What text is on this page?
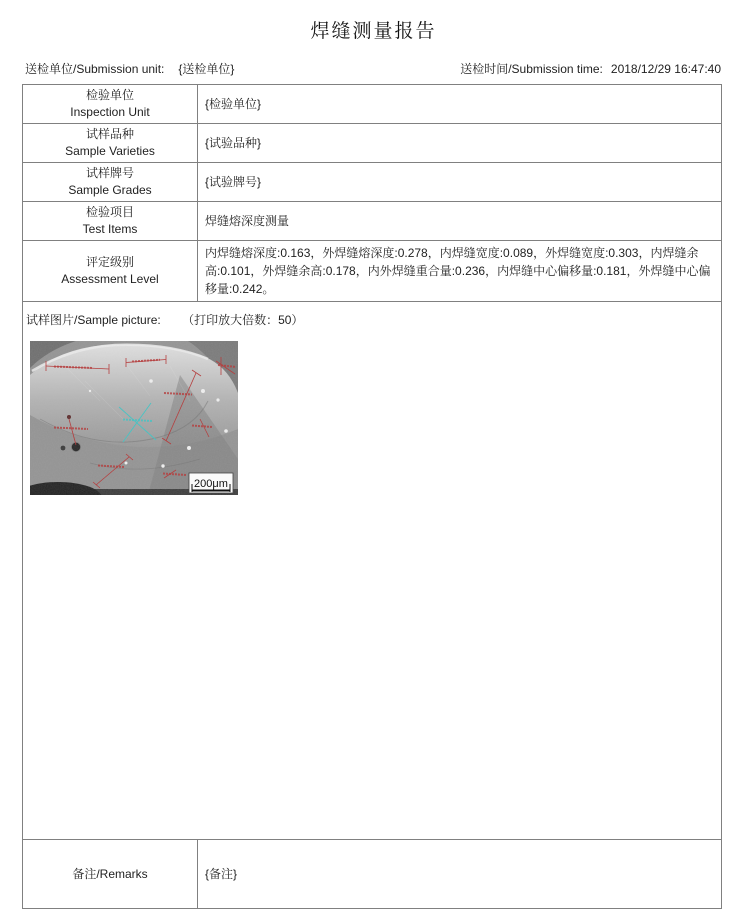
焊缝测量报告
送检单位/Submission unit: {送检单位}	送检时间/Submission time: 2018/12/29 16:47:40
检验单位
Inspection Unit	{检验单位}

试样品种
Sample Varieties	{试验品种}

试样牌号
Sample Grades	{试验牌号}

检验项目
Test Items	焊缝熔深度测量

评定级别
Assessment Level	内焊缝熔深度:0.163，外焊缝熔深度:0.278，内焊缝宽度:0.089，外焊缝宽度:0.303，内焊缝余高:0.101，外焊缝余高:0.178，内外焊缝重合量:0.236，内焊缝中心偏移量:0.181，外焊缝中心偏移量:0.242。

试样图片/Sample picture: （打印放大倍数：50）
200μm	

备注/Remarks	{备注}
